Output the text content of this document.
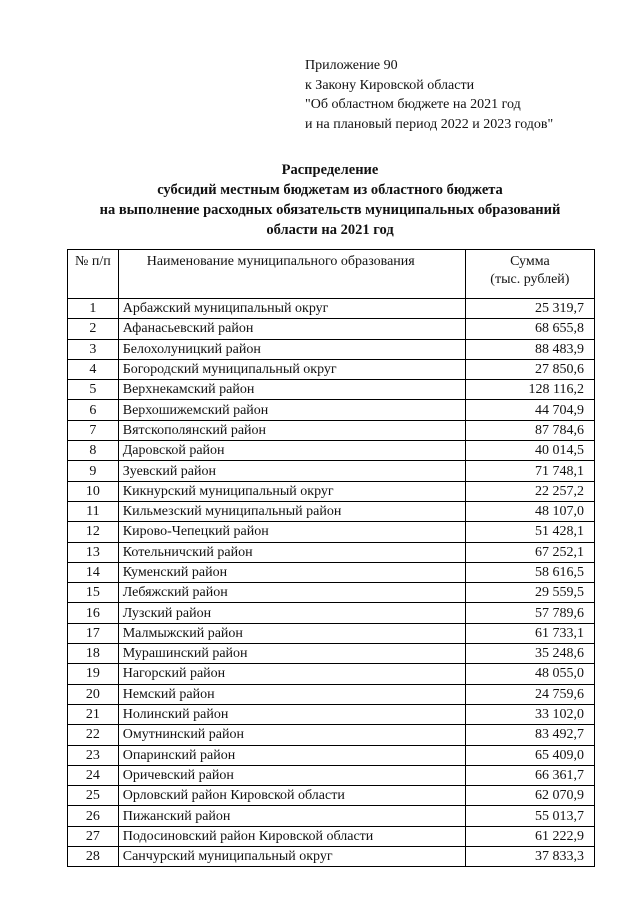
Приложение 90
к Закону Кировской области
"Об областном бюджете на 2021 год
и на плановый период 2022 и 2023 годов"
Распределение
субсидий местным бюджетам из областного бюджета
на выполнение расходных обязательств муниципальных образований
области на 2021 год
№ п/п	Наименование муниципального образования	Сумма
(тыс. рублей)

1	Арбажский муниципальный округ	25 319,7
2	Афанасьевский район	68 655,8
3	Белохолуницкий район	88 483,9
4	Богородский муниципальный округ	27 850,6
5	Верхнекамский район	128 116,2
6	Верхошижемский район	44 704,9
7	Вятскополянский район	87 784,6
8	Даровской район	40 014,5
9	Зуевский район	71 748,1
10	Кикнурский муниципальный округ	22 257,2
11	Кильмезский муниципальный район	48 107,0
12	Кирово-Чепецкий район	51 428,1
13	Котельничский район	67 252,1
14	Куменский район	58 616,5
15	Лебяжский район	29 559,5
16	Лузский район	57 789,6
17	Малмыжский район	61 733,1
18	Мурашинский район	35 248,6
19	Нагорский район	48 055,0
20	Немский район	24 759,6
21	Нолинский район	33 102,0
22	Омутнинский район	83 492,7
23	Опаринский район	65 409,0
24	Оричевский район	66 361,7
25	Орловский район Кировской области	62 070,9
26	Пижанский район	55 013,7
27	Подосиновский район Кировской области	61 222,9
28	Санчурский муниципальный округ	37 833,3
